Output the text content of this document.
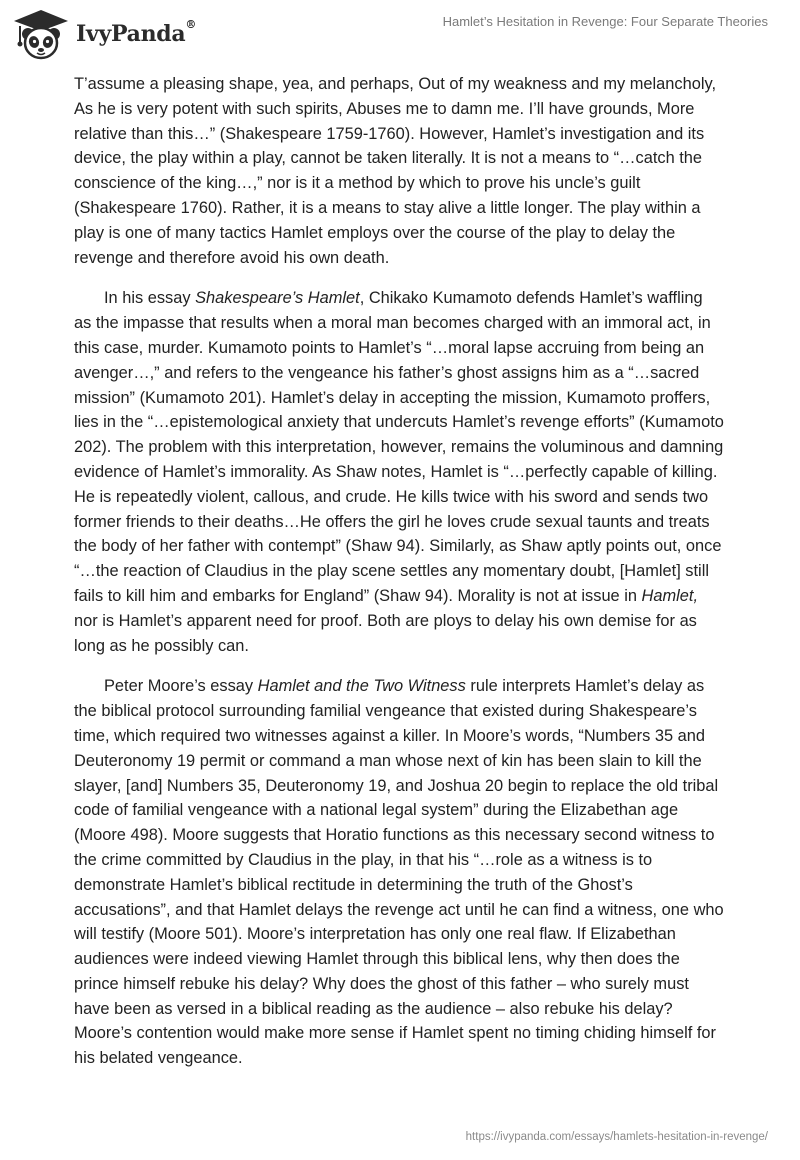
IvyPanda®	Hamlet’s Hesitation in Revenge: Four Separate Theories

T’assume a pleasing shape, yea, and perhaps, Out of my weakness and my melancholy, As he is very potent with such spirits, Abuses me to damn me. I’ll have grounds, More relative than this…” (Shakespeare 1759-1760). However, Hamlet’s investigation and its device, the play within a play, cannot be taken literally. It is not a means to “…catch the conscience of the king…,” nor is it a method by which to prove his uncle’s guilt (Shakespeare 1760). Rather, it is a means to stay alive a little longer. The play within a play is one of many tactics Hamlet employs over the course of the play to delay the revenge and therefore avoid his own death.

In his essay Shakespeare’s Hamlet, Chikako Kumamoto defends Hamlet’s waffling as the impasse that results when a moral man becomes charged with an immoral act, in this case, murder. Kumamoto points to Hamlet’s “…moral lapse accruing from being an avenger…,” and refers to the vengeance his father’s ghost assigns him as a “…sacred mission” (Kumamoto 201). Hamlet’s delay in accepting the mission, Kumamoto proffers, lies in the “…epistemological anxiety that undercuts Hamlet’s revenge efforts” (Kumamoto 202). The problem with this interpretation, however, remains the voluminous and damning evidence of Hamlet’s immorality. As Shaw notes, Hamlet is “…perfectly capable of killing. He is repeatedly violent, callous, and crude. He kills twice with his sword and sends two former friends to their deaths…He offers the girl he loves crude sexual taunts and treats the body of her father with contempt” (Shaw 94). Similarly, as Shaw aptly points out, once “…the reaction of Claudius in the play scene settles any momentary doubt, [Hamlet] still fails to kill him and embarks for England” (Shaw 94). Morality is not at issue in Hamlet, nor is Hamlet’s apparent need for proof. Both are ploys to delay his own demise for as long as he possibly can.

Peter Moore’s essay Hamlet and the Two Witness rule interprets Hamlet’s delay as the biblical protocol surrounding familial vengeance that existed during Shakespeare’s time, which required two witnesses against a killer. In Moore’s words, “Numbers 35 and Deuteronomy 19 permit or command a man whose next of kin has been slain to kill the slayer, [and] Numbers 35, Deuteronomy 19, and Joshua 20 begin to replace the old tribal code of familial vengeance with a national legal system” during the Elizabethan age (Moore 498). Moore suggests that Horatio functions as this necessary second witness to the crime committed by Claudius in the play, in that his “…role as a witness is to demonstrate Hamlet’s biblical rectitude in determining the truth of the Ghost’s accusations”, and that Hamlet delays the revenge act until he can find a witness, one who will testify (Moore 501). Moore’s interpretation has only one real flaw. If Elizabethan audiences were indeed viewing Hamlet through this biblical lens, why then does the prince himself rebuke his delay? Why does the ghost of this father – who surely must have been as versed in a biblical reading as the audience – also rebuke his delay? Moore’s contention would make more sense if Hamlet spent no timing chiding himself for his belated vengeance.

https://ivypanda.com/essays/hamlets-hesitation-in-revenge/
